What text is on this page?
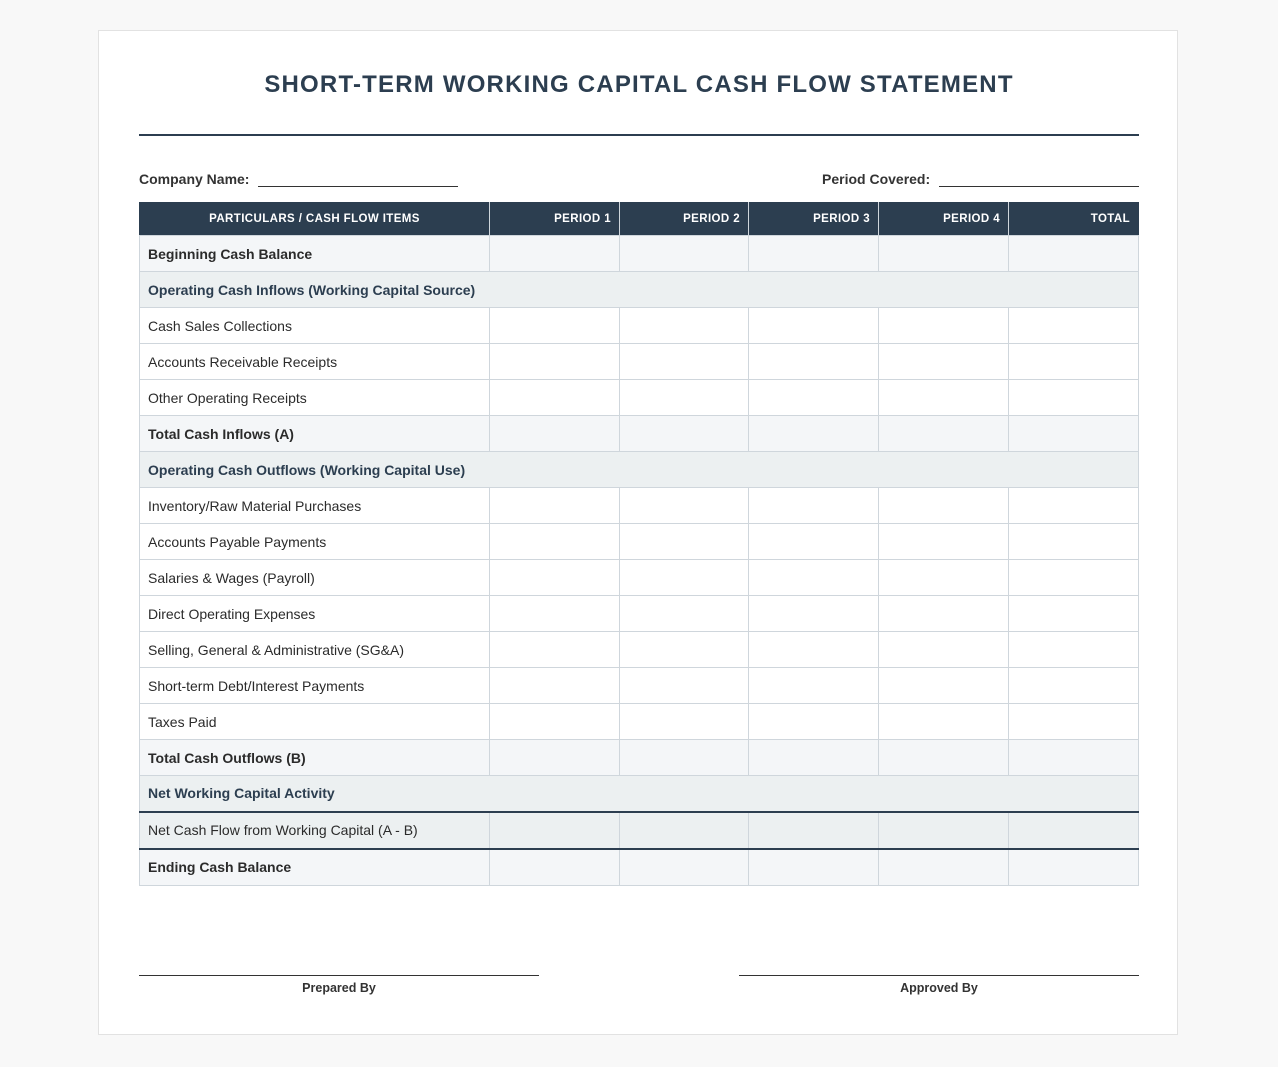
SHORT-TERM WORKING CAPITAL CASH FLOW STATEMENT
Company Name:	Period Covered:
PARTICULARS / CASH FLOW ITEMS	PERIOD 1	PERIOD 2	PERIOD 3	PERIOD 4	TOTAL
Beginning Cash Balance					
Operating Cash Inflows (Working Capital Source)					
Cash Sales Collections					
Accounts Receivable Receipts					
Other Operating Receipts					
Total Cash Inflows (A)					
Operating Cash Outflows (Working Capital Use)					
Inventory/Raw Material Purchases					
Accounts Payable Payments					
Salaries & Wages (Payroll)					
Direct Operating Expenses					
Selling, General & Administrative (SG&A)					
Short-term Debt/Interest Payments					
Taxes Paid					
Total Cash Outflows (B)					
Net Working Capital Activity					
Net Cash Flow from Working Capital (A - B)					
Ending Cash Balance					
Prepared By	Approved By
